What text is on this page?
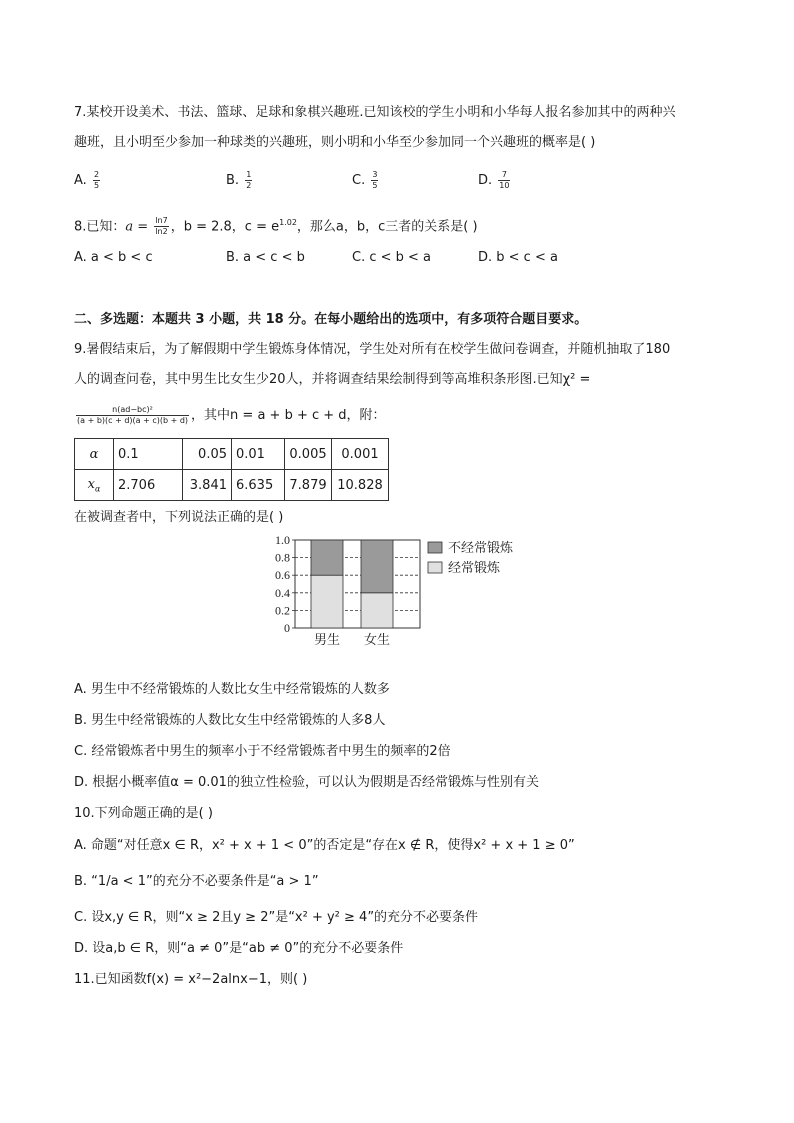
7.某校开设美术、书法、篮球、足球和象棋兴趣班.已知该校的学生小明和小华每人报名参加其中的两种兴
趣班，且小明至少参加一种球类的兴趣班，则小明和小华至少参加同一个兴趣班的概率是( )
A. $\frac{2}{5}$	B. $\frac{1}{2}$	C. $\frac{3}{5}$	D. $\frac{7}{10}$
8.已知：$a = \frac{\ln 7}{\ln 2}$ ，b = 2.8，$c = e^{1.02}$，那么a，b，c三者的关系是( )
A. a < b < c	B. a < c < b	C. c < b < a	D. b < c < a
二、多选题：本题共 3 小题，共 18 分。在每小题给出的选项中，有多项符合题目要求。
9.暑假结束后，为了解假期中学生锻炼身体情况，学生处对所有在校学生做问卷调查，并随机抽取了180
人的调查问卷，其中男生比女生少20人，并将调查结果绘制得到等高堆积条形图.已知χ² =
$\frac{\text{n(ad−bc)²}}{(a + b)(c + d)(a + c)(b + d)}$ ，其中n = a + b + c + d，附：
α	0.1	0.05	0.01	0.005	0.001
$x_\alpha$	2.706	3.841	6.635	7.879	10.828
在被调查者中，下列说法正确的是( )
0
0.2
0.4
0.6
0.8
1.0
男生 女生
不经常锻炼
经常锻炼
A. 男生中不经常锻炼的人数比女生中经常锻炼的人数多
B. 男生中经常锻炼的人数比女生中经常锻炼的人多8人
C. 经常锻炼者中男生的频率小于不经常锻炼者中男生的频率的2倍
D. 根据小概率值α = 0.01的独立性检验，可以认为假期是否经常锻炼与性别有关
10.下列命题正确的是( )
A. 命题“对任意x ∈ R，x² + x + 1 < 0”的否定是“存在x ∉ R，使得x² + x + 1 ≥ 0”
B. “1/a < 1”的充分不必要条件是“a > 1”
C. 设x,y ∈ R，则“x ≥ 2且y ≥ 2”是“x² + y² ≥ 4”的充分不必要条件
D. 设a,b ∈ R，则“a ≠ 0”是“ab ≠ 0”的充分不必要条件
11.已知函数f(x) = x²−2alnx−1，则( )
